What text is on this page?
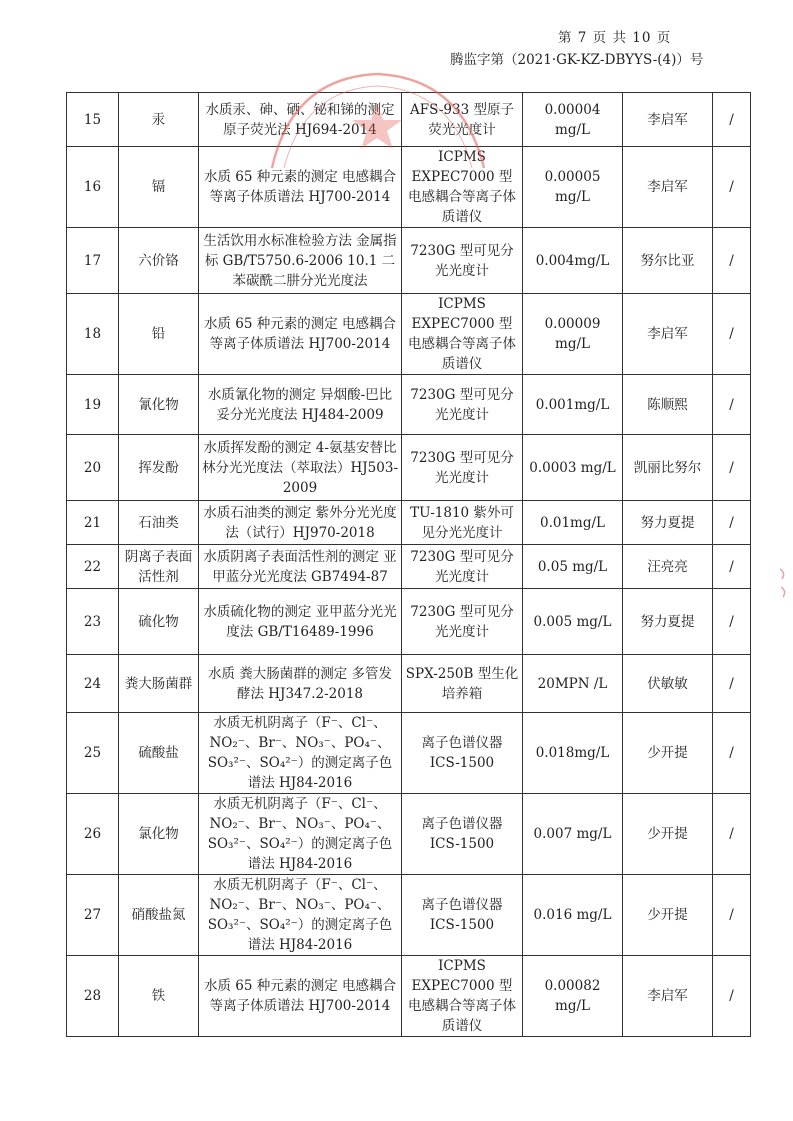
第 7 页 共 10 页
腾监字第（2021·GK-KZ-DBYYS-(4)）号
15	汞	水质汞、砷、硒、铋和锑的测定 原子荧光法 HJ694-2014	AFS-933 型原子荧光光度计	0.00004 mg/L	李启军	/
16	镉	水质 65 种元素的测定 电感耦合等离子体质谱法 HJ700-2014	ICPMS EXPEC7000 型电感耦合等离子体质谱仪	0.00005 mg/L	李启军	/
17	六价铬	生活饮用水标准检验方法 金属指标 GB/T5750.6-2006 10.1 二苯碳酰二肼分光光度法	7230G 型可见分光光度计	0.004mg/L	努尔比亚	/
18	铅	水质 65 种元素的测定 电感耦合等离子体质谱法 HJ700-2014	ICPMS EXPEC7000 型电感耦合等离子体质谱仪	0.00009 mg/L	李启军	/
19	氰化物	水质氰化物的测定 异烟酸-巴比妥分光光度法 HJ484-2009	7230G 型可见分光光度计	0.001mg/L	陈顺熙	/
20	挥发酚	水质挥发酚的测定 4-氨基安替比林分光光度法（萃取法）HJ503-2009	7230G 型可见分光光度计	0.0003 mg/L	凯丽比努尔	/
21	石油类	水质石油类的测定 紫外分光光度法（试行）HJ970-2018	TU-1810 紫外可见分光光度计	0.01mg/L	努力夏提	/
22	阴离子表面活性剂	水质阴离子表面活性剂的测定 亚甲蓝分光光度法 GB7494-87	7230G 型可见分光光度计	0.05 mg/L	汪亮亮	/
23	硫化物	水质硫化物的测定 亚甲蓝分光光度法 GB/T16489-1996	7230G 型可见分光光度计	0.005 mg/L	努力夏提	/
24	粪大肠菌群	水质 粪大肠菌群的测定 多管发酵法 HJ347.2-2018	SPX-250B 型生化培养箱	20MPN /L	伏敏敏	/
25	硫酸盐	水质无机阴离子（F⁻、Cl⁻、NO₂⁻、Br⁻、NO₃⁻、PO₄⁻、SO₃²⁻、SO₄²⁻）的测定离子色谱法 HJ84-2016	离子色谱仪器 ICS-1500	0.018mg/L	少开提	/
26	氯化物	水质无机阴离子（F⁻、Cl⁻、NO₂⁻、Br⁻、NO₃⁻、PO₄⁻、SO₃²⁻、SO₄²⁻）的测定离子色谱法 HJ84-2016	离子色谱仪器 ICS-1500	0.007 mg/L	少开提	/
27	硝酸盐氮	水质无机阴离子（F⁻、Cl⁻、NO₂⁻、Br⁻、NO₃⁻、PO₄⁻、SO₃²⁻、SO₄²⁻）的测定离子色谱法 HJ84-2016	离子色谱仪器 ICS-1500	0.016 mg/L	少开提	/
28	铁	水质 65 种元素的测定 电感耦合等离子体质谱法 HJ700-2014	ICPMS EXPEC7000 型电感耦合等离子体质谱仪	0.00082 mg/L	李启军	/
